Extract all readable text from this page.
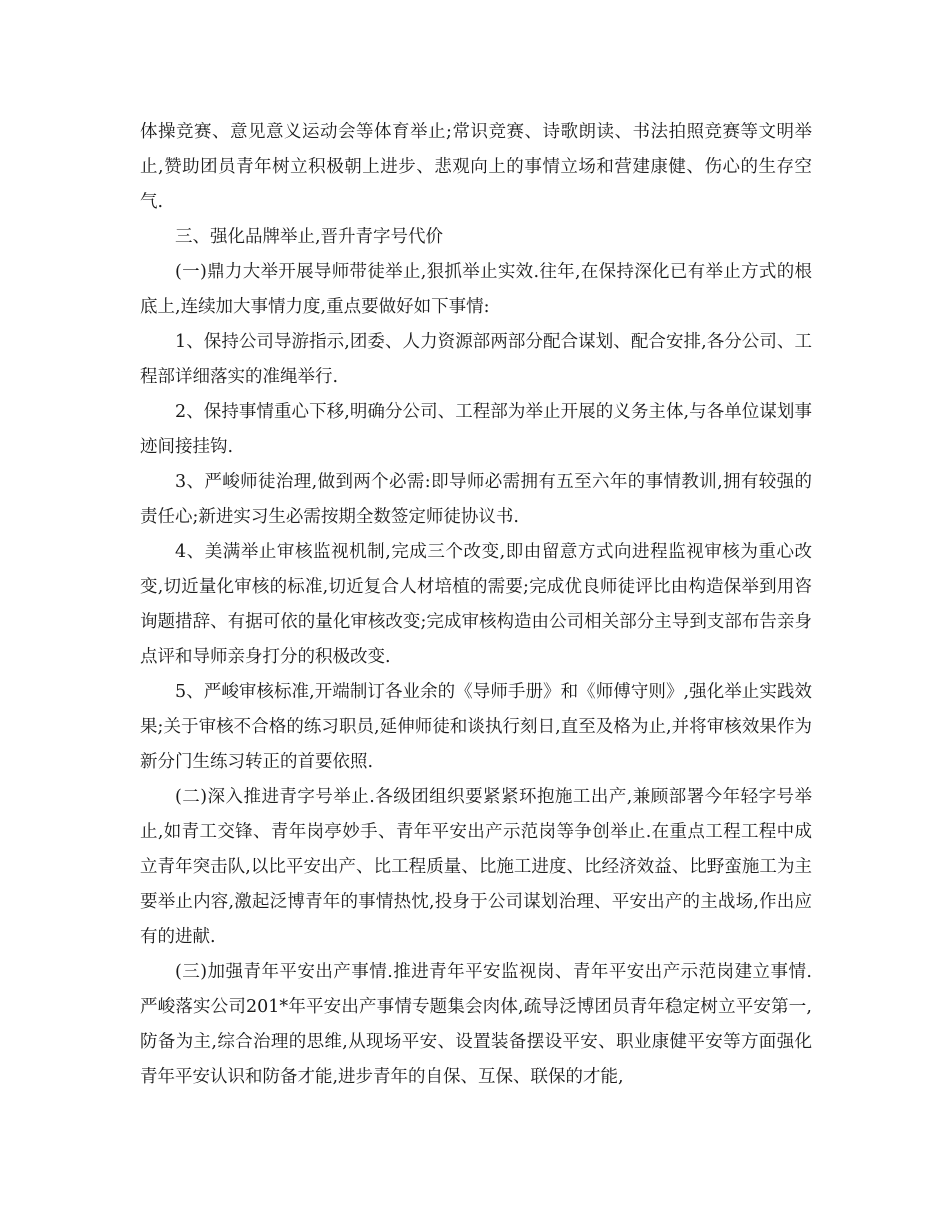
体操竞赛、意见意义运动会等体育举止;常识竞赛、诗歌朗读、书法拍照竞赛等文明举止,赞助团员青年树立积极朝上进步、悲观向上的事情立场和营建康健、伤心的生存空气.

三、强化品牌举止,晋升青字号代价

(一)鼎力大举开展导师带徒举止,狠抓举止实效.往年,在保持深化已有举止方式的根底上,连续加大事情力度,重点要做好如下事情:

1、保持公司导游指示,团委、人力资源部两部分配合谋划、配合安排,各分公司、工程部详细落实的准绳举行.

2、保持事情重心下移,明确分公司、工程部为举止开展的义务主体,与各单位谋划事迹间接挂钩.

3、严峻师徒治理,做到两个必需:即导师必需拥有五至六年的事情教训,拥有较强的责任心;新进实习生必需按期全数签定师徒协议书.

4、美满举止审核监视机制,完成三个改变,即由留意方式向进程监视审核为重心改变,切近量化审核的标准,切近复合人材培植的需要;完成优良师徒评比由构造保举到用咨询题措辞、有据可依的量化审核改变;完成审核构造由公司相关部分主导到支部布告亲身点评和导师亲身打分的积极改变.

5、严峻审核标准,开端制订各业余的《导师手册》和《师傅守则》,强化举止实践效果;关于审核不合格的练习职员,延伸师徒和谈执行刻日,直至及格为止,并将审核效果作为新分门生练习转正的首要依照.

(二)深入推进青字号举止.各级团组织要紧紧环抱施工出产,兼顾部署今年轻字号举止,如青工交锋、青年岗亭妙手、青年平安出产示范岗等争创举止.在重点工程工程中成立青年突击队,以比平安出产、比工程质量、比施工进度、比经济效益、比野蛮施工为主要举止内容,激起泛博青年的事情热忱,投身于公司谋划治理、平安出产的主战场,作出应有的进献.

(三)加强青年平安出产事情.推进青年平安监视岗、青年平安出产示范岗建立事情.严峻落实公司201*年平安出产事情专题集会肉体,疏导泛博团员青年稳定树立平安第一,防备为主,综合治理的思维,从现场平安、设置装备摆设平安、职业康健平安等方面强化青年平安认识和防备才能,进步青年的自保、互保、联保的才能,
